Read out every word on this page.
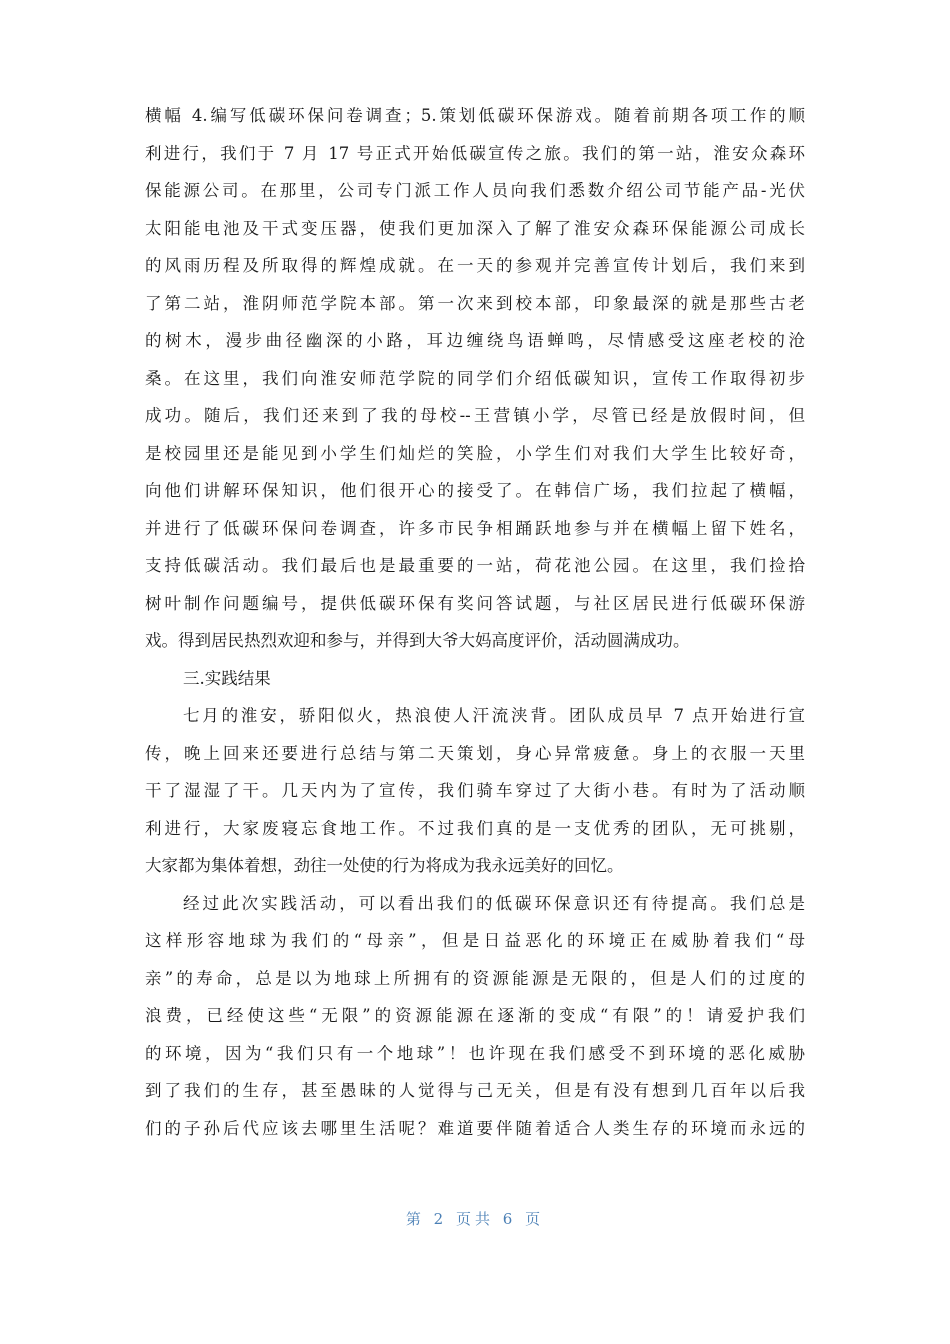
横幅 4.编写低碳环保问卷调查；5.策划低碳环保游戏。随着前期各项工作的顺
利进行，我们于 7 月 17 号正式开始低碳宣传之旅。我们的第一站，淮安众森环
保能源公司。在那里，公司专门派工作人员向我们悉数介绍公司节能产品-光伏
太阳能电池及干式变压器，使我们更加深入了解了淮安众森环保能源公司成长
的风雨历程及所取得的辉煌成就。在一天的参观并完善宣传计划后，我们来到
了第二站，淮阴师范学院本部。第一次来到校本部，印象最深的就是那些古老
的树木，漫步曲径幽深的小路，耳边缠绕鸟语蝉鸣，尽情感受这座老校的沧
桑。在这里，我们向淮安师范学院的同学们介绍低碳知识，宣传工作取得初步
成功。随后，我们还来到了我的母校--王营镇小学，尽管已经是放假时间，但
是校园里还是能见到小学生们灿烂的笑脸，小学生们对我们大学生比较好奇，
向他们讲解环保知识，他们很开心的接受了。在韩信广场，我们拉起了横幅，
并进行了低碳环保问卷调查，许多市民争相踊跃地参与并在横幅上留下姓名，
支持低碳活动。我们最后也是最重要的一站，荷花池公园。在这里，我们捡拾
树叶制作问题编号，提供低碳环保有奖问答试题，与社区居民进行低碳环保游
戏。得到居民热烈欢迎和参与，并得到大爷大妈高度评价，活动圆满成功。
三.实践结果
七月的淮安，骄阳似火，热浪使人汗流浃背。团队成员早 7 点开始进行宣
传，晚上回来还要进行总结与第二天策划，身心异常疲惫。身上的衣服一天里
干了湿湿了干。几天内为了宣传，我们骑车穿过了大街小巷。有时为了活动顺
利进行，大家废寝忘食地工作。不过我们真的是一支优秀的团队，无可挑剔，
大家都为集体着想，劲往一处使的行为将成为我永远美好的回忆。
经过此次实践活动，可以看出我们的低碳环保意识还有待提高。我们总是
这样形容地球为我们的“母亲”，但是日益恶化的环境正在威胁着我们“母
亲”的寿命，总是以为地球上所拥有的资源能源是无限的，但是人们的过度的
浪费，已经使这些“无限”的资源能源在逐渐的变成“有限”的！请爱护我们
的环境，因为“我们只有一个地球”！也许现在我们感受不到环境的恶化威胁
到了我们的生存，甚至愚昧的人觉得与己无关，但是有没有想到几百年以后我
们的子孙后代应该去哪里生活呢？难道要伴随着适合人类生存的环境而永远的
第 2 页共 6 页
